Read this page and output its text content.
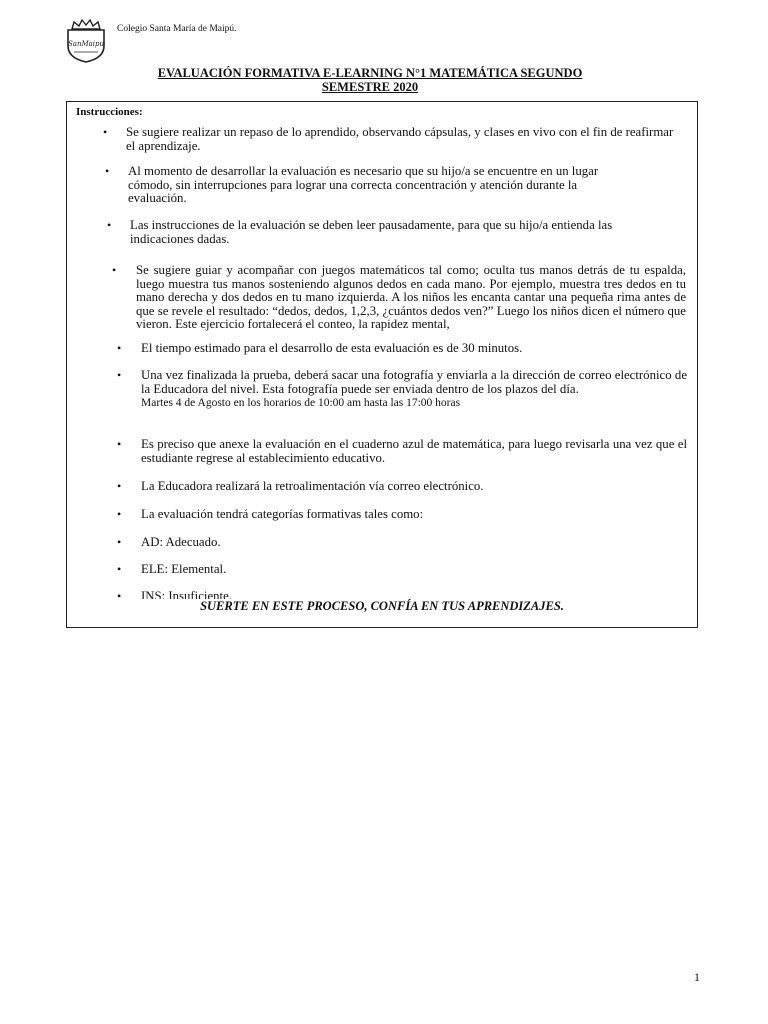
SanMaipu
Colegio Santa María de Maipú.
EVALUACIÓN FORMATIVA E-LEARNING N°1 MATEMÁTICA SEGUNDO
SEMESTRE 2020
Instrucciones:
•	Se sugiere realizar un repaso de lo aprendido, observando cápsulas, y clases en vivo con el fin de reafirmar el aprendizaje.
•	Al momento de desarrollar la evaluación es necesario que su hijo/a se encuentre en un lugar cómodo, sin interrupciones para lograr una correcta concentración y atención durante la evaluación.
•	Las instrucciones de la evaluación se deben leer pausadamente, para que su hijo/a entienda las indicaciones dadas.
•	Se sugiere guiar y acompañar con juegos matemáticos tal como; oculta tus manos detrás de tu espalda, luego muestra tus manos sosteniendo algunos dedos en cada mano. Por ejemplo, muestra tres dedos en tu mano derecha y dos dedos en tu mano izquierda. A los niños les encanta cantar una pequeña rima antes de que se revele el resultado: “dedos, dedos, 1,2,3, ¿cuántos dedos ven?” Luego los niños dicen el número que vieron. Este ejercicio fortalecerá el conteo, la rapidez mental,
•	El tiempo estimado para el desarrollo de esta evaluación es de 30 minutos.
•	Una vez finalizada la prueba, deberá sacar una fotografía y enviarla a la dirección de correo electrónico de la Educadora del nivel. Esta fotografía puede ser enviada dentro de los plazos del día.
Martes 4 de Agosto en los horarios de 10:00 am hasta las 17:00 horas
•	Es preciso que anexe la evaluación en el cuaderno azul de matemática, para luego revisarla una vez que el estudiante regrese al establecimiento educativo.
•	La Educadora realizará la retroalimentación vía correo electrónico.
•	La evaluación tendrá categorías formativas tales como:
•	AD: Adecuado.
•	ELE: Elemental.
•	INS: Insuficiente.
SUERTE EN ESTE PROCESO, CONFÍA EN TUS APRENDIZAJES.
1
